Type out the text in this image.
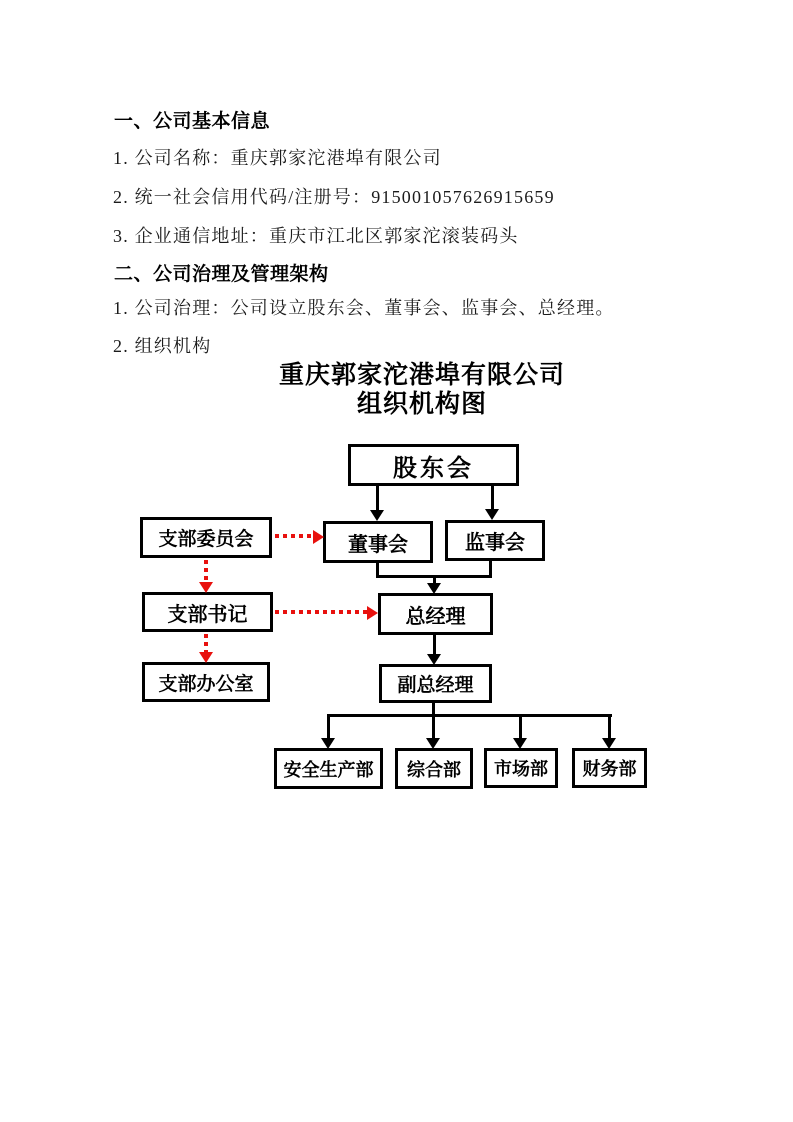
一、公司基本信息
1. 公司名称：重庆郭家沱港埠有限公司
2. 统一社会信用代码/注册号：915001057626915659
3. 企业通信地址：重庆市江北区郭家沱滚装码头
二、公司治理及管理架构
1. 公司治理：公司设立股东会、董事会、监事会、总经理。
2. 组织机构
重庆郭家沱港埠有限公司
组织机构图
股东会
支部委员会	董事会	监事会
支部书记	总经理
支部办公室	副总经理
安全生产部 综合部 市场部 财务部
